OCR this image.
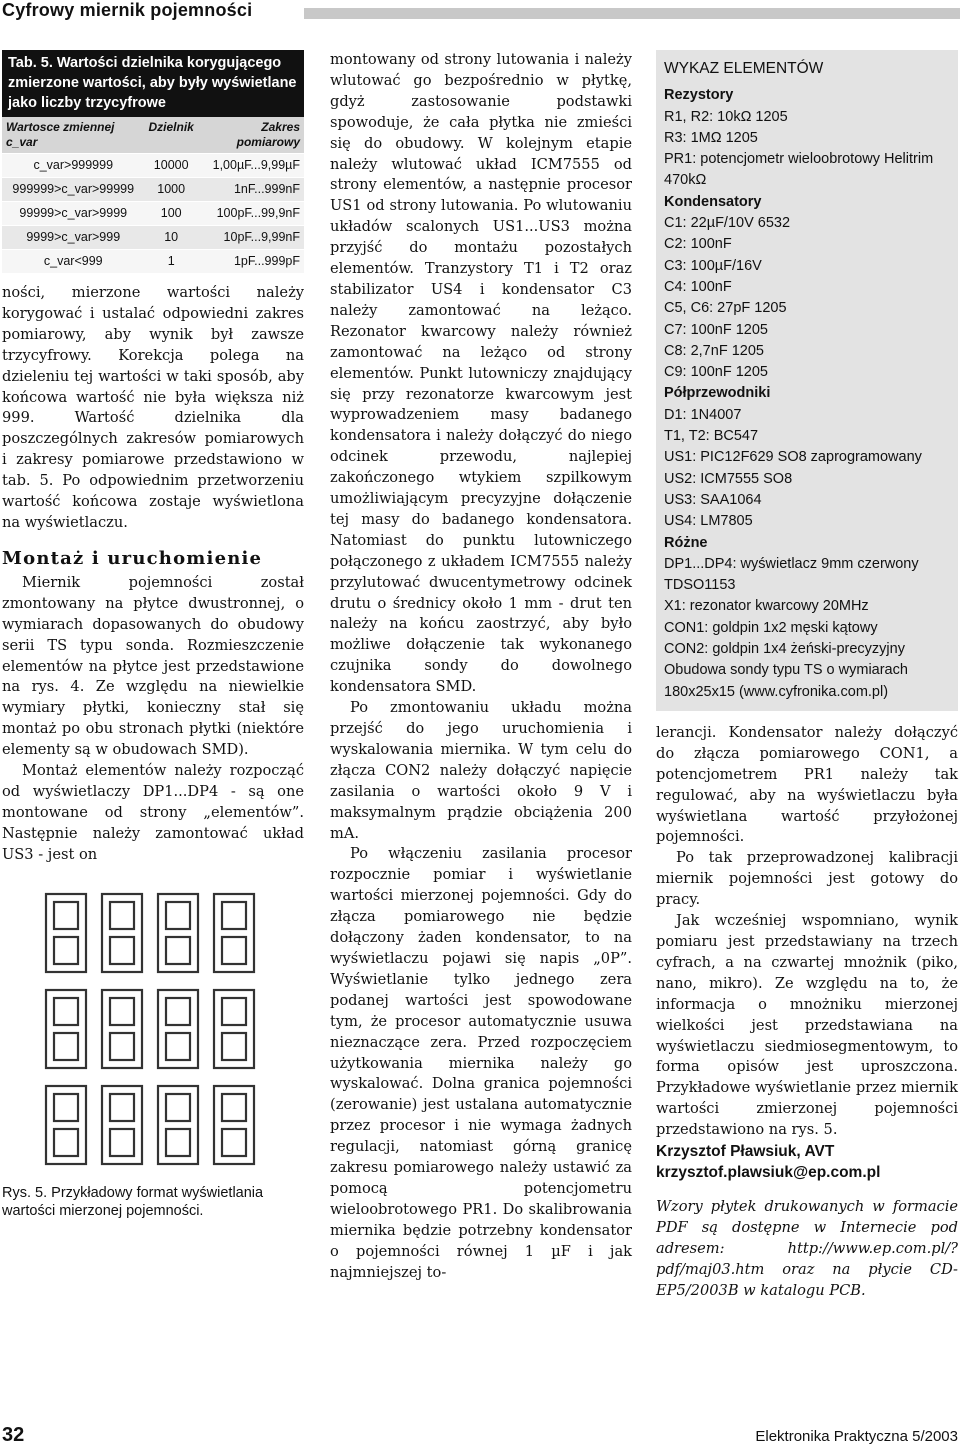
Cyfrowy miernik pojemności
Tab. 5. Wartości dzielnika korygującego zmierzone wartości, aby były wyświetlane jako liczby trzycyfrowe
Wartosce zmiennej c_var	Dzielnik	Zakres pomiarowy
c_var>999999	10000	1,00µF...9,99µF
999999>c_var>99999	1000	1nF...999nF
99999>c_var>9999	100	100pF...99,9nF
9999>c_var>999	10	10pF...9,99nF
c_var<999	1	1pF...999pF

ności, mierzone wartości należy korygować i ustalać odpowiedni zakres pomiarowy, aby wynik był zawsze trzycyfrowy. Korekcja polega na dzieleniu tej wartości w taki sposób, aby końcowa wartość nie była większa niż 999. Wartość dzielnika dla poszczególnych zakresów pomiarowych i zakresy pomiarowe przedstawiono w tab. 5. Po odpowiednim przetworzeniu wartość końcowa zostaje wyświetlona na wyświetlaczu.

Montaż i uruchomienie

Miernik pojemności został zmontowany na płytce dwustronnej, o wymiarach dopasowanych do obudowy serii TS typu sonda. Rozmieszczenie elementów na płytce jest przedstawione na rys. 4. Ze względu na niewielkie wymiary płytki, konieczny stał się montaż po obu stronach płytki (niektóre elementy są w obudowach SMD).

Montaż elementów należy rozpocząć od wyświetlaczy DP1...DP4 - są one montowane od strony „elementów”. Następnie należy zamontować układ US3 - jest on

Rys. 5. Przykładowy format wyświetlania wartości mierzonej pojemności.

montowany od strony lutowania i należy wlutować go bezpośrednio w płytkę, gdyż zastosowanie podstawki spowoduje, że cała płytka nie zmieści się do obudowy. W kolejnym etapie należy wlutować układ ICM7555 od strony elementów, a następnie procesor US1 od strony lutowania. Po wlutowaniu układów scalonych US1...US3 można przyjść do montażu pozostałych elementów. Tranzystory T1 i T2 oraz stabilizator US4 i kondensator C3 należy zamontować na leżąco. Rezonator kwarcowy należy również zamontować na leżąco od strony elementów. Punkt lutowniczy znajdujący się przy rezonatorze kwarcowym jest wyprowadzeniem masy badanego kondensatora i należy dołączyć do niego odcinek przewodu, najlepiej zakończonego wtykiem szpilkowym umożliwiającym precyzyjne dołączenie tej masy do badanego kondensatora. Natomiast do punktu lutowniczego połączonego z układem ICM7555 należy przylutować dwucentymetrowy odcinek drutu o średnicy około 1 mm - drut ten należy na końcu zaostrzyć, aby było możliwe dołączenie tak wykonanego czujnika sondy do dowolnego kondensatora SMD.

Po zmontowaniu układu można przejść do jego uruchomienia i wyskalowania miernika. W tym celu do złącza CON2 należy dołączyć napięcie zasilania o wartości około 9 V i maksymalnym prądzie obciążenia 200 mA.

Po włączeniu zasilania procesor rozpocznie pomiar i wyświetlanie wartości mierzonej pojemności. Gdy do złącza pomiarowego nie będzie dołączony żaden kondensator, to na wyświetlaczu pojawi się napis „0P”. Wyświetlanie tylko jednego zera podanej wartości jest spowodowane tym, że procesor automatycznie usuwa nieznaczące zera. Przed rozpoczęciem użytkowania miernika należy go wyskalować. Dolna granica pojemności (zerowanie) jest ustalana automatycznie przez procesor i nie wymaga żadnych regulacji, natomiast górną granicę zakresu pomiarowego należy ustawić za pomocą potencjometru wieloobrotowego PR1. Do skalibrowania miernika będzie potrzebny kondensator o pojemności równej 1 µF i jak najmniejszej to-

WYKAZ ELEMENTÓW
Rezystory
R1, R2: 10kΩ 1205
R3: 1MΩ 1205
PR1: potencjometr wieloobrotowy Helitrim 470kΩ
Kondensatory
C1: 22µF/10V 6532
C2: 100nF
C3: 100µF/16V
C4: 100nF
C5, C6: 27pF 1205
C7: 100nF 1205
C8: 2,7nF 1205
C9: 100nF 1205
Półprzewodniki
D1: 1N4007
T1, T2: BC547
US1: PIC12F629 SO8 zaprogramowany
US2: ICM7555 SO8
US3: SAA1064
US4: LM7805
Różne
DP1...DP4: wyświetlacz 9mm czerwony TDSO1153
X1: rezonator kwarcowy 20MHz
CON1: goldpin 1x2 męski kątowy
CON2: goldpin 1x4 żeński-precyzyjny
Obudowa sondy typu TS o wymiarach 180x25x15 (www.cyfronika.com.pl)

lerancji. Kondensator należy dołączyć do złącza pomiarowego CON1, a potencjometrem PR1 należy tak regulować, aby na wyświetlaczu była wyświetlana wartość przyłożonej pojemności.

Po tak przeprowadzonej kalibracji miernik pojemności jest gotowy do pracy.

Jak wcześniej wspomniano, wynik pomiaru jest przedstawiany na trzech cyfrach, a na czwartej mnożnik (piko, nano, mikro). Ze względu na to, że informacja o mnożniku mierzonej wielkości jest przedstawiana na wyświetlaczu siedmiosegmentowym, to forma opisów jest uproszczona. Przykładowe wyświetlanie przez miernik wartości zmierzonej pojemności przedstawiono na rys. 5.

Krzysztof Pławsiuk, AVT
krzysztof.plawsiuk@ep.com.pl

Wzory płytek drukowanych w formacie PDF są dostępne w Internecie pod adresem: http://www.ep.com.pl/?pdf/maj03.htm oraz na płycie CD-EP5/2003B w katalogu PCB.

32	Elektronika Praktyczna 5/2003
